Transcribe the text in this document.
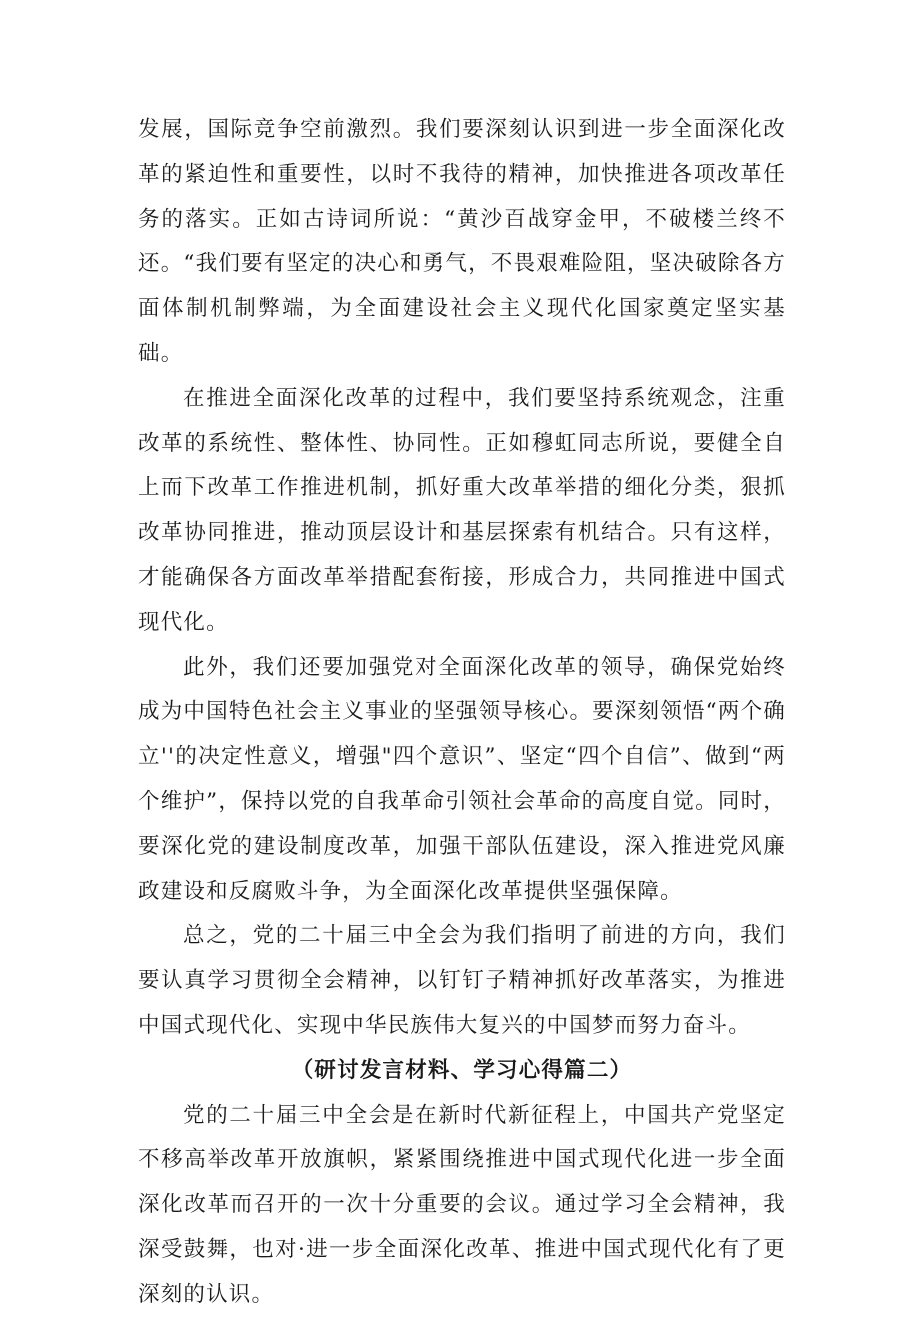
发展，国际竞争空前激烈。我们要深刻认识到进一步全面深化改革的紧迫性和重要性，以时不我待的精神，加快推进各项改革任务的落实。正如古诗词所说：“黄沙百战穿金甲，不破楼兰终不还。“我们要有坚定的决心和勇气，不畏艰难险阻，坚决破除各方面体制机制弊端，为全面建设社会主义现代化国家奠定坚实基础。

在推进全面深化改革的过程中，我们要坚持系统观念，注重改革的系统性、整体性、协同性。正如穆虹同志所说，要健全自上而下改革工作推进机制，抓好重大改革举措的细化分类，狠抓改革协同推进，推动顶层设计和基层探索有机结合。只有这样，才能确保各方面改革举措配套衔接，形成合力，共同推进中国式现代化。

此外，我们还要加强党对全面深化改革的领导，确保党始终成为中国特色社会主义事业的坚强领导核心。要深刻领悟“两个确立''的决定性意义，增强"四个意识”、坚定“四个自信”、做到“两个维护”，保持以党的自我革命引领社会革命的高度自觉。同时，要深化党的建设制度改革，加强干部队伍建设，深入推进党风廉政建设和反腐败斗争，为全面深化改革提供坚强保障。

总之，党的二十届三中全会为我们指明了前进的方向，我们要认真学习贯彻全会精神，以钉钉子精神抓好改革落实，为推进中国式现代化、实现中华民族伟大复兴的中国梦而努力奋斗。

（研讨发言材料、学习心得篇二）

党的二十届三中全会是在新时代新征程上，中国共产党坚定不移高举改革开放旗帜，紧紧围绕推进中国式现代化进一步全面深化改革而召开的一次十分重要的会议。通过学习全会精神，我深受鼓舞，也对·进一步全面深化改革、推进中国式现代化有了更深刻的认识。
